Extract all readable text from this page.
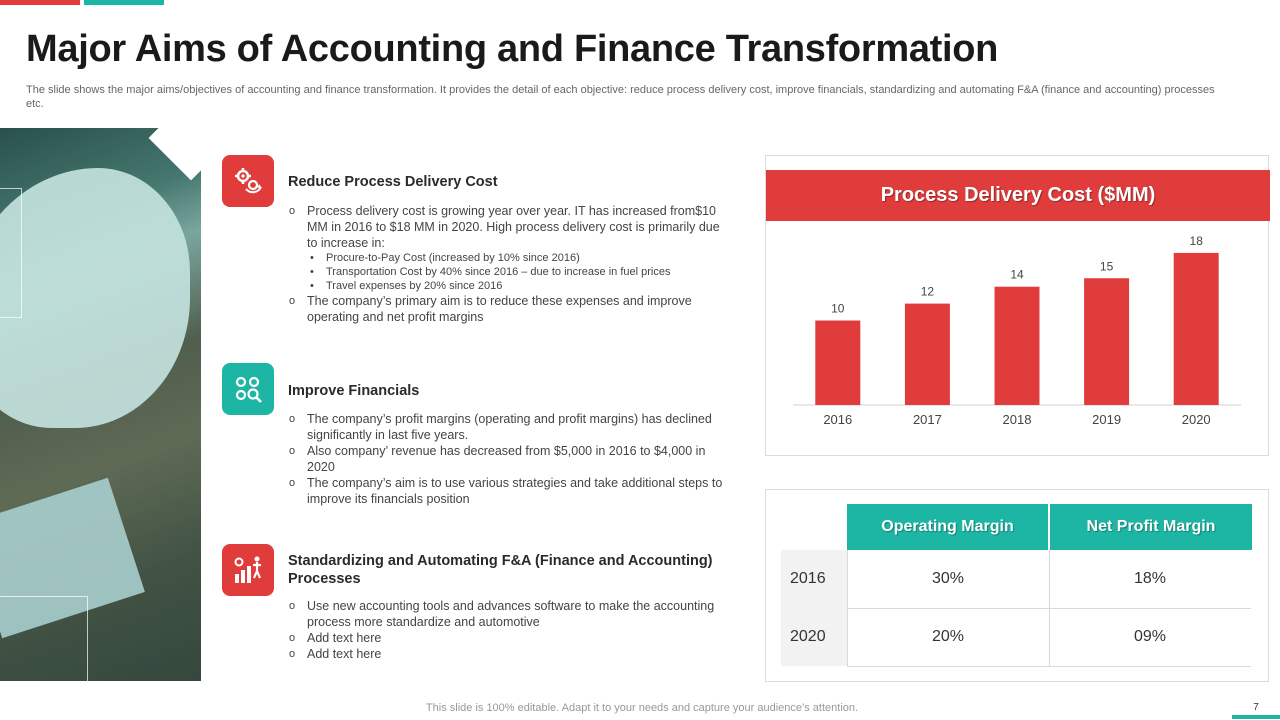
Major Aims of Accounting and Finance Transformation
The slide shows the major aims/objectives of accounting and finance transformation. It provides the detail of each objective: reduce process delivery cost, improve financials, standardizing and automating F&A (finance and accounting) processes etc.
Reduce Process Delivery Cost
o Process delivery cost is growing year over year. IT has increased from$10 MM in 2016 to $18 MM in 2020. High process delivery cost is primarily due to increase in:
• Procure-to-Pay Cost (increased by 10% since 2016)
• Transportation Cost by 40% since 2016 – due to increase in fuel prices
• Travel expenses by 20% since 2016
o The company’s primary aim is to reduce these expenses and improve operating and net profit margins
Improve Financials
o The company’s profit margins (operating and profit margins) has declined significantly in last five years.
o Also company’ revenue has decreased from $5,000 in 2016 to $4,000 in 2020
o The company’s aim is to use various strategies and take additional steps to improve its financials position
Standardizing and Automating F&A (Finance and Accounting) Processes
o Use new accounting tools and advances software to make the accounting process more standardize and automotive
o Add text here
o Add text here
Process Delivery Cost ($MM)
10
2016
12
2017
14
2018
15
2019
18
2020
Operating Margin	Net Profit Margin
2016	30%	18%
2020	20%	09%
This slide is 100% editable. Adapt it to your needs and capture your audience’s attention.	7
